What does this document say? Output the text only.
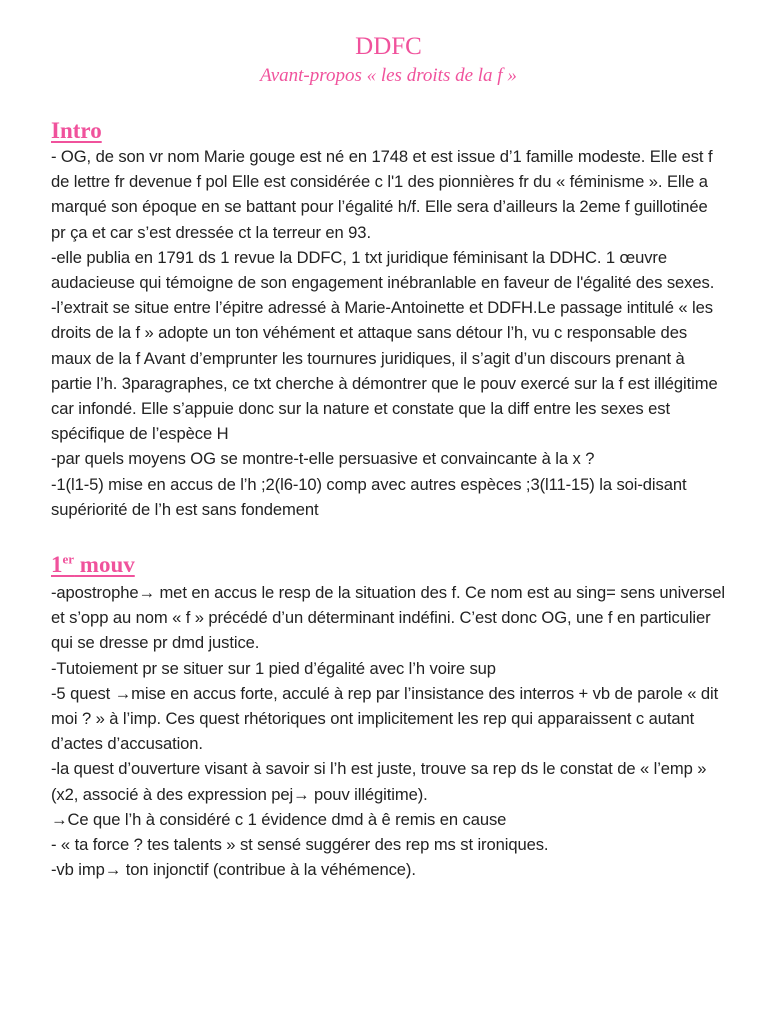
DDFC
Avant-propos « les droits de la f »
Intro

- OG, de son vr nom Marie gouge est né en 1748 et est issue d’1 famille modeste. Elle est f de lettre fr devenue f pol Elle est considérée c l'1 des pionnières fr du « féminisme ». Elle a marqué son époque en se battant pour l’égalité h/f. Elle sera d’ailleurs la 2eme f guillotinée pr ça et car s’est dressée ct la terreur en 93.

-elle publia en 1791 ds 1 revue la DDFC, 1 txt juridique féminisant la DDHC. 1 œuvre audacieuse qui témoigne de son engagement inébranlable en faveur de l'égalité des sexes.

-l’extrait se situe entre l’épitre adressé à Marie-Antoinette et DDFH.Le passage intitulé « les droits de la f » adopte un ton véhément et attaque sans détour l’h, vu c responsable des maux de la f Avant d’emprunter les tournures juridiques, il s’agit d’un discours prenant à partie l’h. 3paragraphes, ce txt cherche à démontrer que le pouv exercé sur la f est illégitime car infondé. Elle s’appuie donc sur la nature et constate que la diff entre les sexes est spécifique de l’espèce H

-par quels moyens OG se montre-t-elle persuasive et convaincante à la x ?

-1(l1-5) mise en accus de l’h ;2(l6-10) comp avec autres espèces ;3(l11-15) la soi-disant supériorité de l’h est sans fondement

1er mouv

-apostrophe→ met en accus le resp de la situation des f. Ce nom est au sing= sens universel et s’opp au nom « f » précédé d’un déterminant indéfini. C’est donc OG, une f en particulier qui se dresse pr dmd justice.

-Tutoiement pr se situer sur 1 pied d’égalité avec l’h voire sup

-5 quest →mise en accus forte, acculé à rep par l’insistance des interros + vb de parole « dit moi ? » à l’imp. Ces quest rhétoriques ont implicitement les rep qui apparaissent c autant d’actes d’accusation.

-la quest d’ouverture visant à savoir si l’h est juste, trouve sa rep ds le constat de « l’emp » (x2, associé à des expression pej→ pouv illégitime).

→Ce que l’h à considéré c 1 évidence dmd à ê remis en cause

- « ta force ? tes talents » st sensé suggérer des rep ms st ironiques.

-vb imp→ ton injonctif (contribue à la véhémence).
